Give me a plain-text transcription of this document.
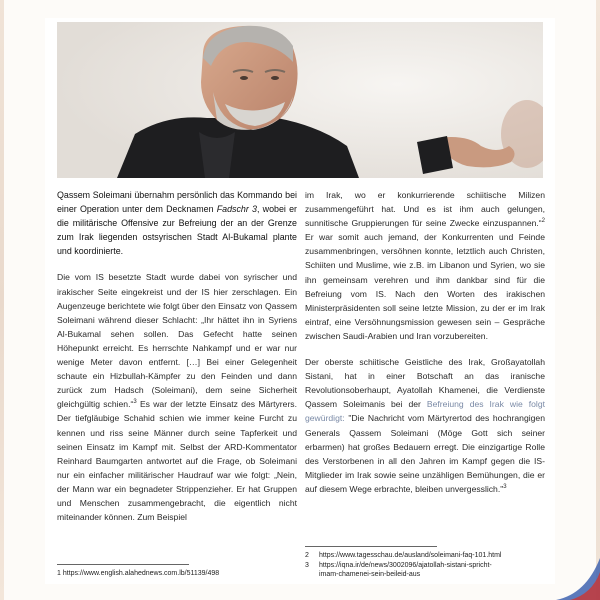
Qassem Soleimani übernahm persönlich das Kommando bei einer Operation unter dem Decknamen Fadschr 3, wobei er die militärische Offensive zur Befreiung der an der Grenze zum Irak liegenden ostsyrischen Stadt Al-Bukamal plante und koordinierte.

Die vom IS besetzte Stadt wurde dabei von syrischer und irakischer Seite eingekreist und der IS hier zerschlagen. Ein Augenzeuge berichtete wie folgt über den Einsatz von Qassem Soleimani während dieser Schlacht: „Ihr hättet ihn in Syriens Al-Bukamal sehen sollen. Das Gefecht hatte seinen Höhepunkt erreicht. Es herrschte Nahkampf und er war nur wenige Meter davon entfernt. […] Bei einer Gelegenheit schaute ein Hizbullah-Kämpfer zu den Feinden und dann zurück zum Hadsch (Soleimani), dem seine Sicherheit gleichgültig schien.“$^3$ Es war der letzte Einsatz des Märtyrers. Der tiefgläubige Schahid schien wie immer keine Furcht zu kennen und riss seine Männer durch seine Tapferkeit und seinen Einsatz im Kampf mit. Selbst der ARD-Kommentator Reinhard Baumgarten antwortet auf die Frage, ob Soleimani nur ein einfacher militärischer Haudrauf war wie folgt: „Nein, der Mann war ein begnadeter Strippenzieher. Er hat Gruppen und Menschen zusammengebracht, die eigentlich nicht miteinander können. Zum Beispiel

im Irak, wo er konkurrierende schiitische Milizen zusammengeführt hat. Und es ist ihm auch gelungen, sunnitische Gruppierungen für seine Zwecke einzuspannen.“$^2$ Er war somit auch jemand, der Konkurrenten und Feinde zusammenbringen, versöhnen konnte, letztlich auch Christen, Schiiten und Muslime, wie z.B. im Libanon und Syrien, wo sie ihn gemeinsam verehren und ihm dankbar sind für die Befreiung vom IS. Nach den Worten des irakischen Ministerpräsidenten soll seine letzte Mission, zu der er im Irak eintraf, eine Versöhnungsmission gewesen sein – Gespräche zwischen Saudi-Arabien und Iran vorzubereiten.

Der oberste schiitische Geistliche des Irak, Großayatollah Sistani, hat in einer Botschaft an das iranische Revolutionsoberhaupt, Ayatollah Khamenei, die Verdienste Qassem Soleimanis bei der Befreiung des Irak wie folgt gewürdigt: "Die Nachricht vom Märtyrertod des hochrangigen Generals Qassem Soleimani (Möge Gott sich seiner erbarmen) hat großes Bedauern erregt. Die einzigartige Rolle des Verstorbenen in all den Jahren im Kampf gegen die IS-Mitglieder im Irak sowie seine unzähligen Bemühungen, die er auf diesem Wege erbrachte, bleiben unvergesslich."$^3$

1 https://www.english.alahednews.com.lb/51139/498
2 https://www.tagesschau.de/ausland/soleimani-faq-101.html
3 https://iqna.ir/de/news/3002096/ajatollah-sistani-spricht-
imam-chamenei-sein-beileid-aus
